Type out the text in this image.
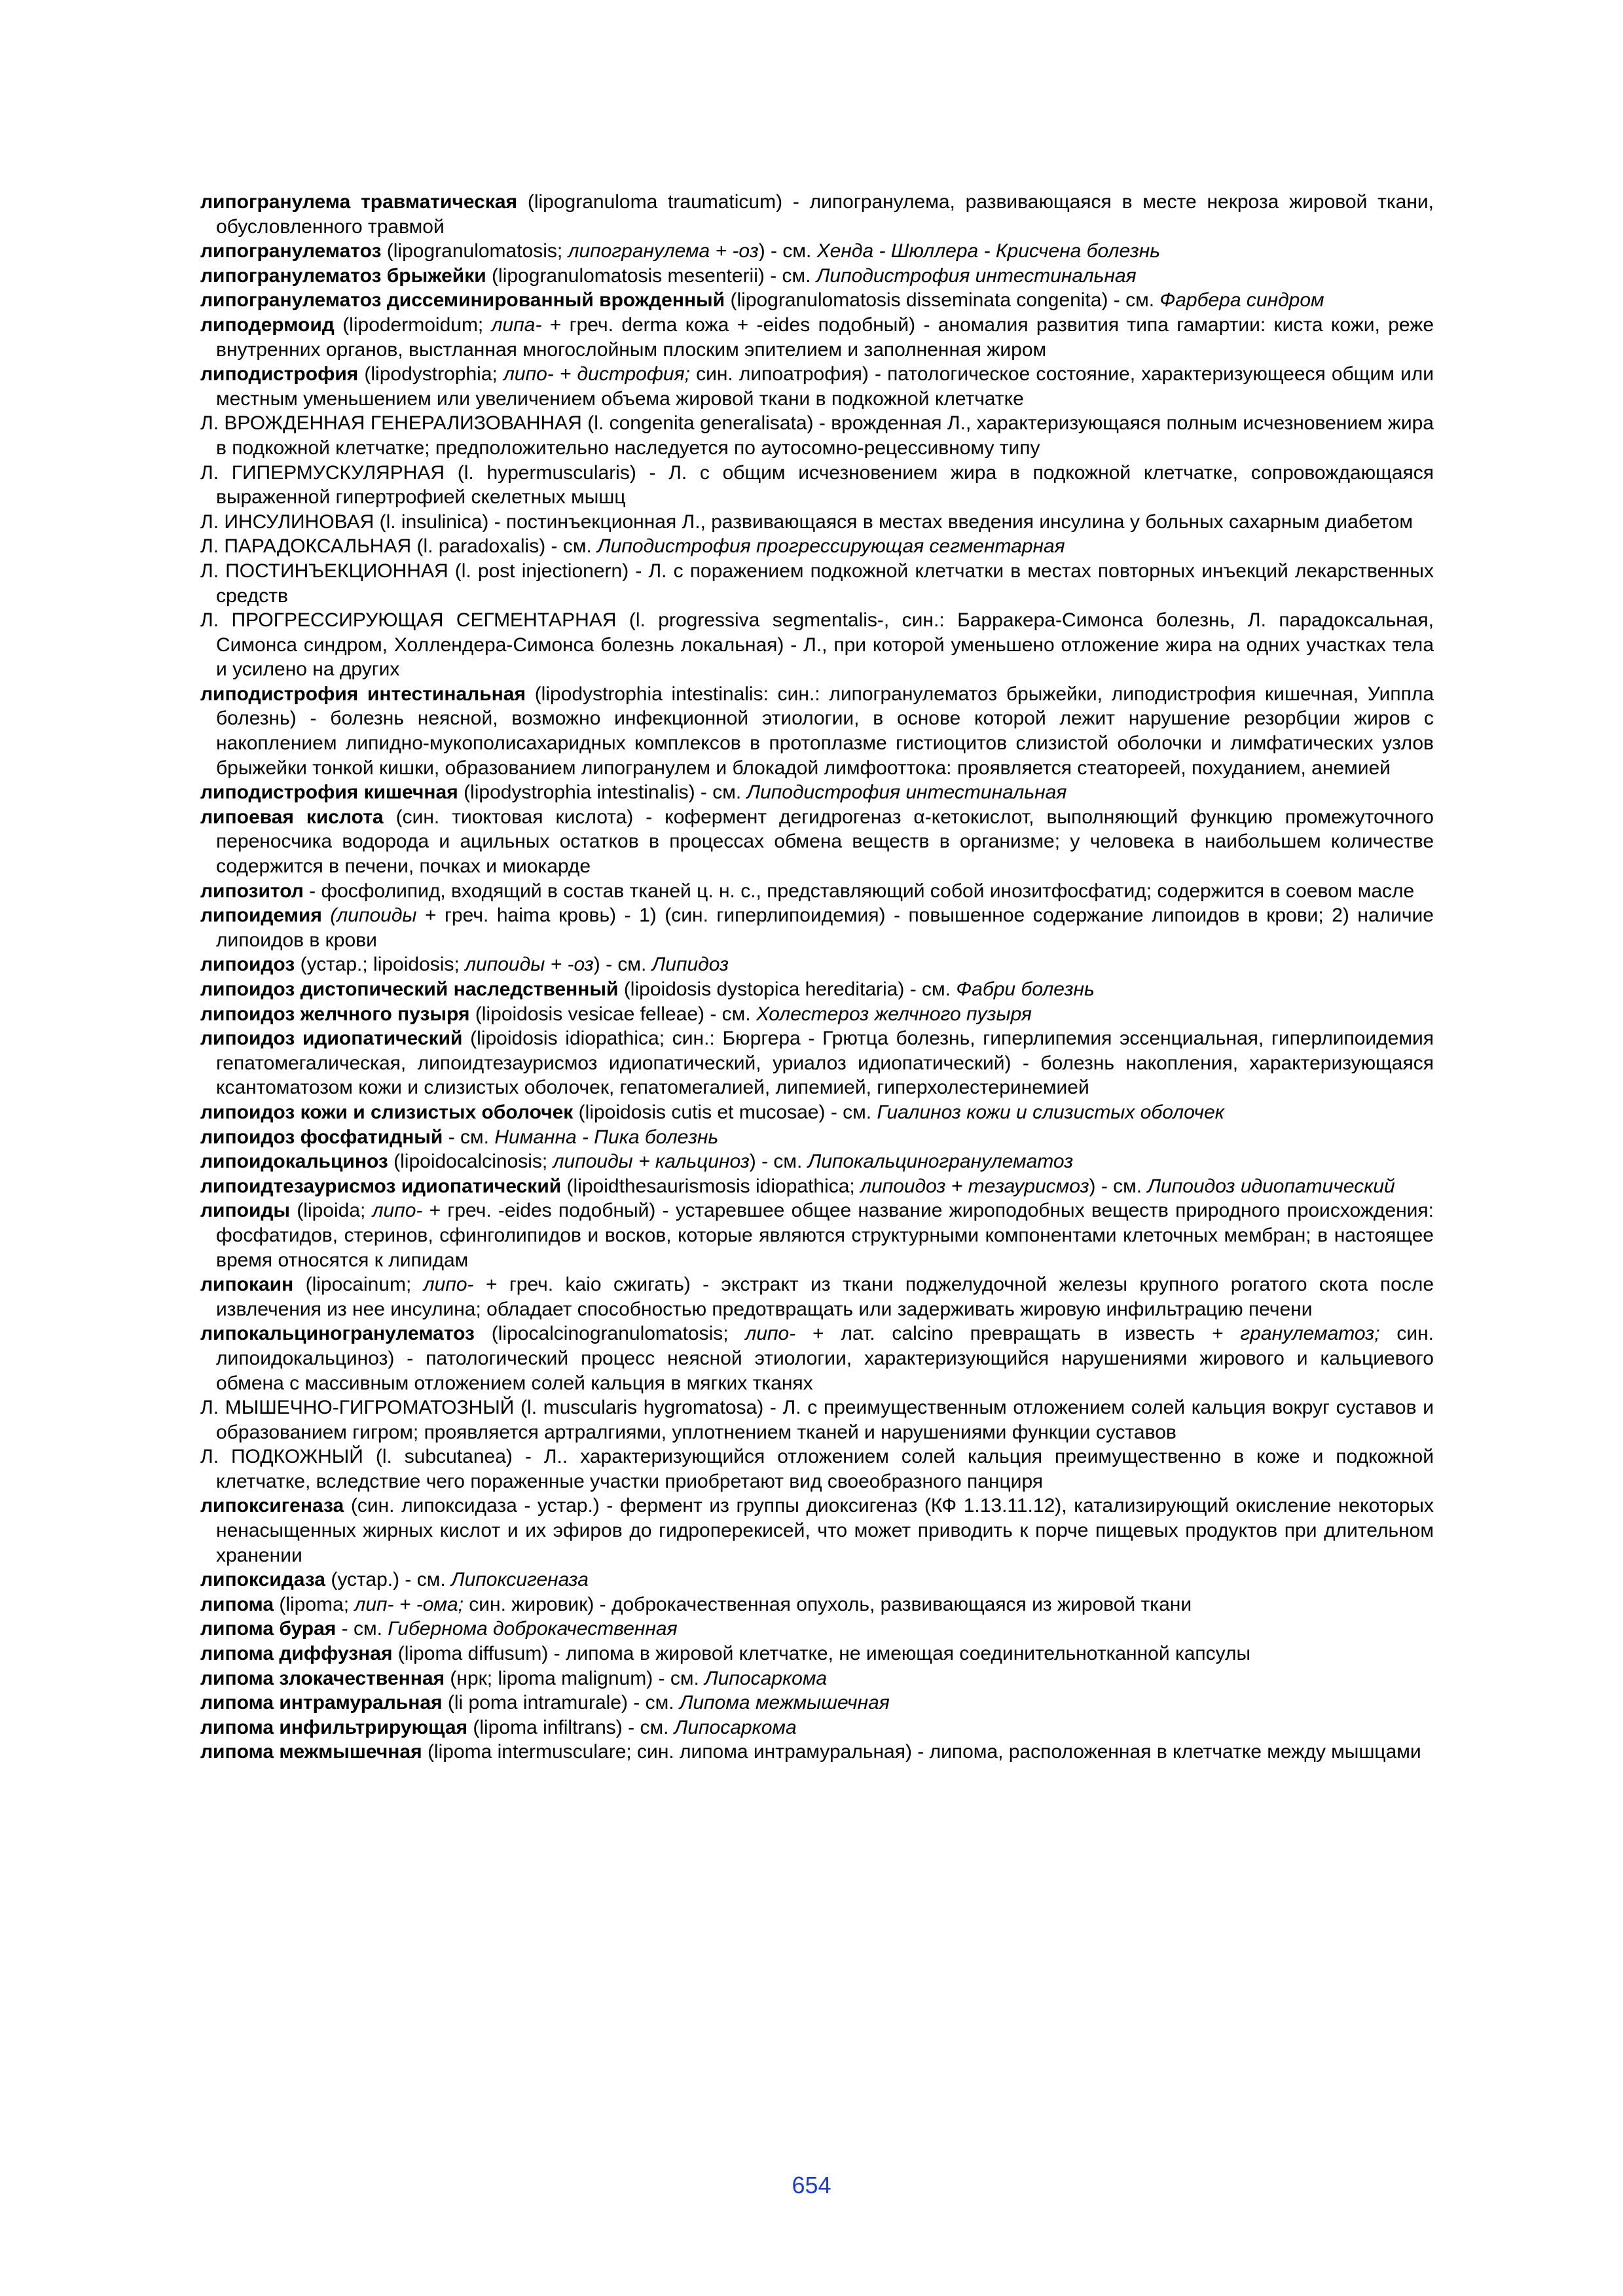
липогранулема травматическая (lipogranuloma traumaticum) - липогранулема, развивающаяся в месте некроза жировой ткани, обусловленного травмой

липогранулематоз (lipogranulomatosis; липогранулема + -оз) - см. Хенда - Шюллера - Крисчена болезнь

липогранулематоз брыжейки (lipogranulomatosis mesenterii) - см. Липодистрофия интестинальная

липогранулематоз диссеминированный врожденный (lipogranulomatosis disseminata congenita) - см. Фарбера синдром

липодермоид (lipodermoidum; липа- + греч. derma кожа + -eides подобный) - аномалия развития типа гамартии: киста кожи, реже внутренних органов, выстланная многослойным плоским эпителием и заполненная жиром

липодистрофия (lipodystrophia; липо- + дистрофия; син. липоатрофия) - патологическое состояние, характеризующееся общим или местным уменьшением или увеличением объема жировой ткани в подкожной клетчатке

Л. ВРОЖДЕННАЯ ГЕНЕРАЛИЗОВАННАЯ (l. congenita generalisata) - врожденная Л., характеризующаяся полным исчезновением жира в подкожной клетчатке; предположительно наследуется по аутосомно-рецессивному типу

Л. ГИПЕРМУСКУЛЯРНАЯ (l. hypermuscularis) - Л. с общим исчезновением жира в подкожной клетчатке, сопровождающаяся выраженной гипертрофией скелетных мышц

Л. ИНСУЛИНОВАЯ (l. insulinica) - постинъекционная Л., развивающаяся в местах введения инсулина у больных сахарным диабетом

Л. ПАРАДОКСАЛЬНАЯ (l. paradoxalis) - см. Липодистрофия прогрессирующая сегментарная

Л. ПОСТИНЪЕКЦИОННАЯ (l. post injectionern) - Л. с поражением подкожной клетчатки в местах повторных инъекций лекарственных средств

Л. ПРОГРЕССИРУЮЩАЯ СЕГМЕНТАРНАЯ (l. progressiva segmentalis-, син.: Барракера-Симонса болезнь, Л. парадоксальная, Симонса синдром, Холлендера-Симонса болезнь локальная) - Л., при которой уменьшено отложение жира на одних участках тела и усилено на других

липодистрофия интестинальная (lipodystrophia intestinalis: син.: липогранулематоз брыжейки, липодистрофия кишечная, Уиппла болезнь) - болезнь неясной, возможно инфекционной этиологии, в основе которой лежит нарушение резорбции жиров с накоплением липидно-мукополисахаридных комплексов в протоплазме гистиоцитов слизистой оболочки и лимфатических узлов брыжейки тонкой кишки, образованием липогранулем и блокадой лимфооттока: проявляется стеатореей, похуданием, анемией

липодистрофия кишечная (lipodystrophia intestinalis) - см. Липодистрофия интестинальная

липоевая кислота (син. тиоктовая кислота) - кофермент дегидрогеназ α-кетокислот, выполняющий функцию промежуточного переносчика водорода и ацильных остатков в процессах обмена веществ в организме; у человека в наибольшем количестве содержится в печени, почках и миокарде

липозитол - фосфолипид, входящий в состав тканей ц. н. с., представляющий собой инозитфосфатид; содержится в соевом масле

липоидемия (липоиды + греч. haima кровь) - 1) (син. гиперлипоидемия) - повышенное содержание липоидов в крови; 2) наличие липоидов в крови

липоидоз (устар.; lipoidosis; липоиды + -оз) - см. Липидоз

липоидоз дистопический наследственный (lipoidosis dystopica hereditaria) - см. Фабри болезнь

липоидоз желчного пузыря (lipoidosis vesicae felleae) - см. Холестероз желчного пузыря

липоидоз идиопатический (lipoidosis idiopathica; син.: Бюргера - Грютца болезнь, гиперлипемия эссенциальная, гиперлипоидемия гепатомегалическая, липоидтезаурисмоз идиопатический, уриалоз идиопатический) - болезнь накопления, характеризующаяся ксантоматозом кожи и слизистых оболочек, гепатомегалией, липемией, гиперхолестеринемией

липоидоз кожи и слизистых оболочек (lipoidosis cutis et mucosae) - см. Гиалиноз кожи и слизистых оболочек

липоидоз фосфатидный - см. Ниманна - Пика болезнь

липоидокальциноз (lipoidocalcinosis; липоиды + кальциноз) - см. Липокальциногранулематоз

липоидтезаурисмоз идиопатический (lipoidthesaurismosis idiopathica; липоидоз + тезаурисмоз) - см. Липоидоз идиопатический

липоиды (lipoida; липо- + греч. -eides подобный) - устаревшее общее название жироподобных веществ природного происхождения: фосфатидов, стеринов, сфинголипидов и восков, которые являются структурными компонентами клеточных мембран; в настоящее время относятся к липидам

липокаин (lipocainum; липо- + греч. kaio сжигать) - экстракт из ткани поджелудочной железы крупного рогатого скота после извлечения из нее инсулина; обладает способностью предотвращать или задерживать жировую инфильтрацию печени

липокальциногранулематоз (lipocalcinogranulomatosis; липо- + лат. calcino превращать в известь + гранулематоз; син. липоидокальциноз) - патологический процесс неясной этиологии, характеризующийся нарушениями жирового и кальциевого обмена с массивным отложением солей кальция в мягких тканях

Л. МЫШЕЧНО-ГИГРОМАТОЗНЫЙ (l. muscularis hygromatosa) - Л. с преимущественным отложением солей кальция вокруг суставов и образованием гигром; проявляется артралгиями, уплотнением тканей и нарушениями функции суставов

Л. ПОДКОЖНЫЙ (l. subcutanea) - Л.. характеризующийся отложением солей кальция преимущественно в коже и подкожной клетчатке, вследствие чего пораженные участки приобретают вид своеобразного панциря

липоксигеназа (син. липоксидаза - устар.) - фермент из группы диоксигеназ (КФ 1.13.11.12), катализирующий окисление некоторых ненасыщенных жирных кислот и их эфиров до гидроперекисей, что может приводить к порче пищевых продуктов при длительном хранении

липоксидаза (устар.) - см. Липоксигеназа

липома (lipoma; лип- + -ома; син. жировик) - доброкачественная опухоль, развивающаяся из жировой ткани

липома бурая - см. Гибернома доброкачественная

липома диффузная (lipoma diffusum) - липома в жировой клетчатке, не имеющая соединительнотканной капсулы

липома злокачественная (нрк; lipoma malignum) - см. Липосаркома

липома интрамуральная (li poma intramurale) - см. Липома межмышечная

липома инфильтрирующая (lipoma infiltrans) - см. Липосаркома

липома межмышечная (lipoma intermusculare; син. липома интрамуральная) - липома, расположенная в клетчатке между мышцами

654
